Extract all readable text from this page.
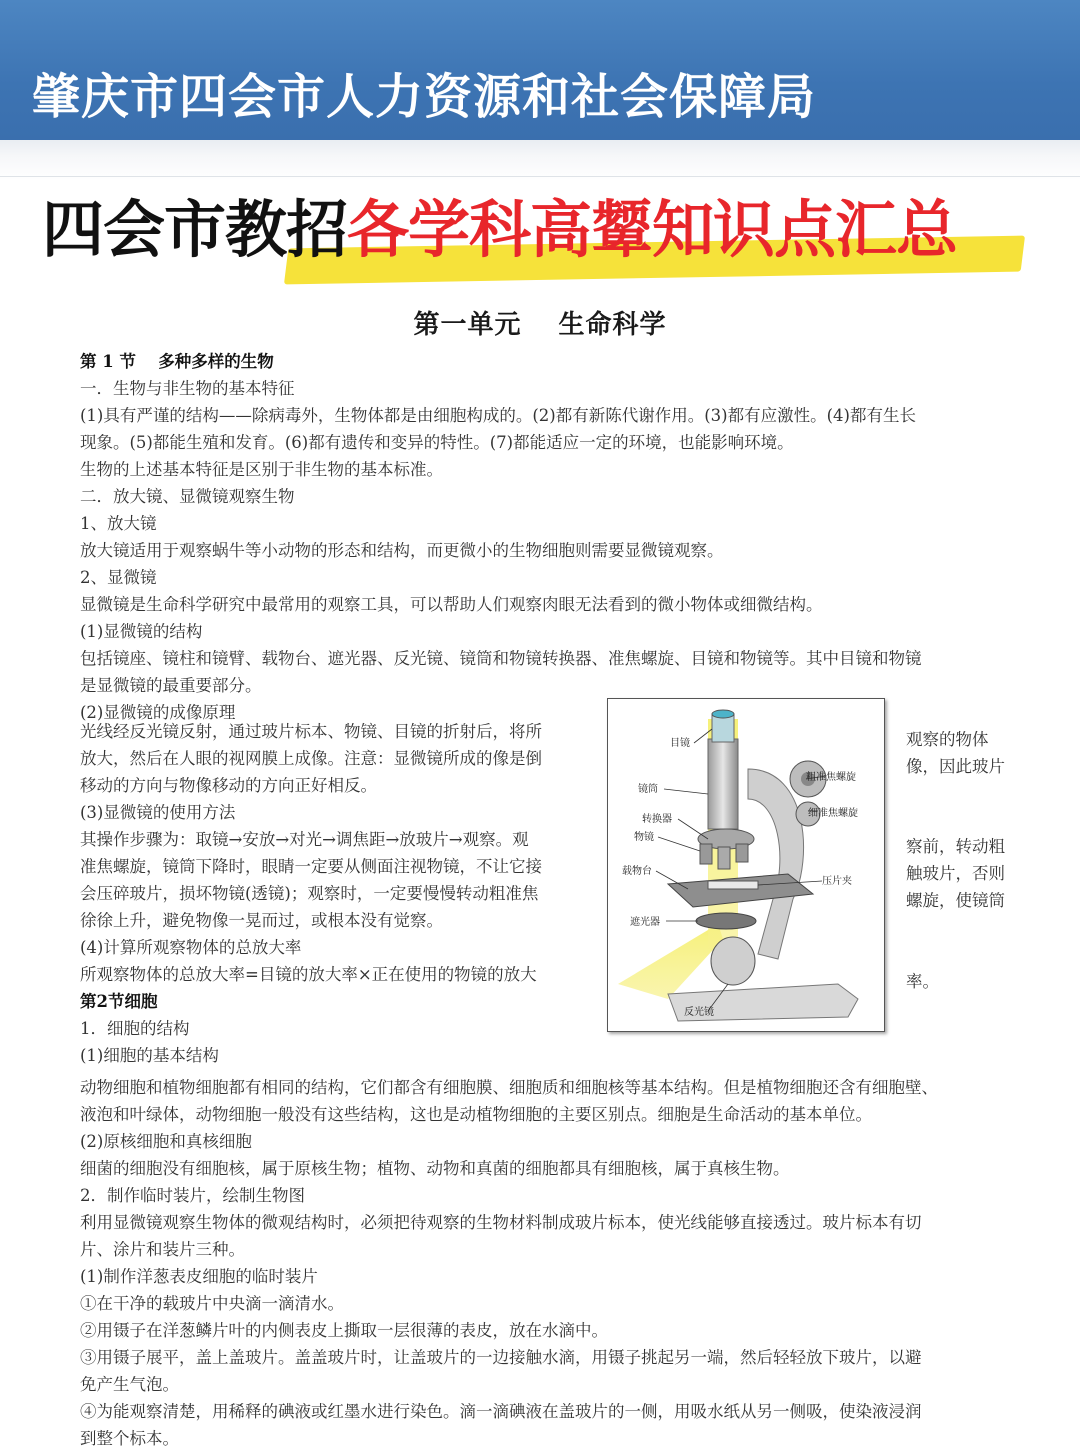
肇庆市四会市人力资源和社会保障局
四会市教招各学科高颦知识点汇总
第一单元　 生命科学
第 1 节　 多种多样的生物
一．生物与非生物的基本特征
(1)具有严谨的结构——除病毒外，生物体都是由细胞构成的。(2)都有新陈代谢作用。(3)都有应激性。(4)都有生长
现象。(5)都能生殖和发育。(6)都有遗传和变异的特性。(7)都能适应一定的环境，也能影响环境。
生物的上述基本特征是区别于非生物的基本标准。
二．放大镜、显微镜观察生物
1、放大镜
放大镜适用于观察蜗牛等小动物的形态和结构，而更微小的生物细胞则需要显微镜观察。
2、显微镜
显微镜是生命科学研究中最常用的观察工具，可以帮助人们观察肉眼无法看到的微小物体或细微结构。
(1)显微镜的结构
包括镜座、镜柱和镜臂、载物台、遮光器、反光镜、镜筒和物镜转换器、准焦螺旋、目镜和物镜等。其中目镜和物镜
是显微镜的最重要部分。
(2)显微镜的成像原理
光线经反光镜反射，通过玻片标本、物镜、目镜的折射后，将所
放大，然后在人眼的视网膜上成像。注意：显微镜所成的像是倒
移动的方向与物像移动的方向正好相反。
(3)显微镜的使用方法
其操作步骤为：取镜→安放→对光→调焦距→放玻片→观察。观
准焦螺旋，镜筒下降时，眼睛一定要从侧面注视物镜，不让它接
会压碎玻片，损坏物镜(透镜)；观察时，一定要慢慢转动粗准焦
徐徐上升，避免物像一晃而过，或根本没有觉察。
(4)计算所观察物体的总放大率
所观察物体的总放大率=目镜的放大率×正在使用的物镜的放大
第2节细胞
1．细胞的结构
(1)细胞的基本结构
动物细胞和植物细胞都有相同的结构，它们都含有细胞膜、细胞质和细胞核等基本结构。但是植物细胞还含有细胞壁、
液泡和叶绿体，动物细胞一般没有这些结构，这也是动植物细胞的主要区别点。细胞是生命活动的基本单位。
(2)原核细胞和真核细胞
细菌的细胞没有细胞核，属于原核生物；植物、动物和真菌的细胞都具有细胞核，属于真核生物。
2．制作临时装片，绘制生物图
利用显微镜观察生物体的微观结构时，必须把待观察的生物材料制成玻片标本，使光线能够直接透过。玻片标本有切
片、涂片和装片三种。
(1)制作洋葱表皮细胞的临时装片
①在干净的载玻片中央滴一滴清水。
②用镊子在洋葱鳞片叶的内侧表皮上撕取一层很薄的表皮，放在水滴中。
③用镊子展平，盖上盖玻片。盖盖玻片时，让盖玻片的一边接触水滴，用镊子挑起另一端，然后轻轻放下玻片，以避
免产生气泡。
④为能观察清楚，用稀释的碘液或红墨水进行染色。滴一滴碘液在盖玻片的一侧，用吸水纸从另一侧吸，使染液浸润
到整个标本。
观察的物体
像，因此玻片
察前，转动粗
触玻片，否则
螺旋，使镜筒
率。
目镜
镜筒
粗准焦螺旋
细准焦螺旋
转换器
物镜
载物台
压片夹
遮光器
反光镜
